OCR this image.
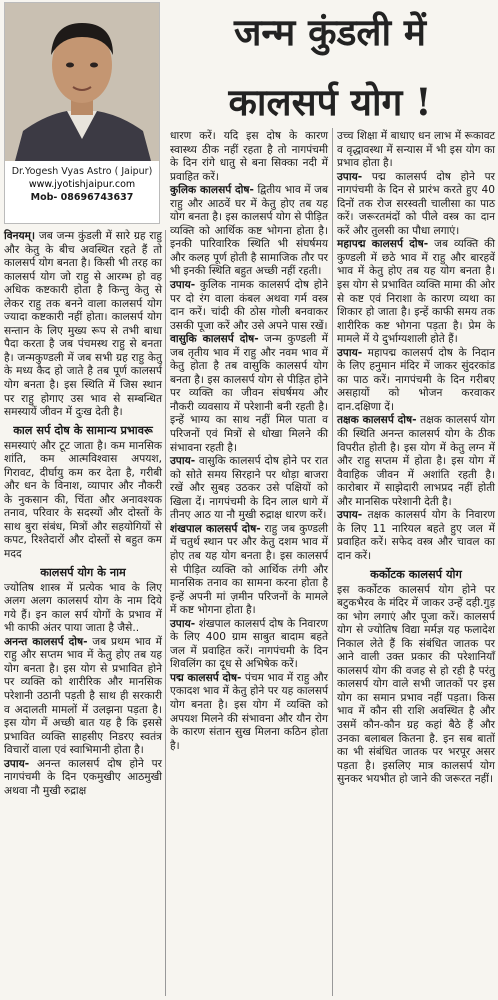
Dr.Yogesh Vyas Astro ( Jaipur)
www.jyotishjaipur.com
Mob- 08696743637
जन्म कुंडली में
कालसर्प योग !

विनयम्। जब जन्म कुंडली में सारे ग्रह राहु और केतु के बीच अवस्थित रहते हैं तो कालसर्प योग बनता है। किसी भी तरह का कालसर्प योग जो राहु से आरम्भ हो वह अधिक कष्टकारी होता है किन्तु केतु से लेकर राहु तक बनने वाला कालसर्प योग ज्यादा कष्टकारी नहीं होता। कालसर्प योग सन्तान के लिए मुख्य रूप से तभी बाधा पैदा करता है जब पंचमस्थ राहु से बनता है। जन्मकुण्डली में जब सभी ग्रह राहु केतु के मध्य कैद हो जाते है तब पूर्ण कालसर्प योग बनता है। इस स्थिति में जिस स्थान पर राहु होगाए उस भाव से सम्बन्धित समस्यायें जीवन में दुःख देती है।

काल सर्प दोष के सामान्य प्रभावरू

समस्याएं और टूट जाता है। कम मानसिक शांति, कम आत्मविश्वास अपयश, गिरावट, दीर्घायु कम कर देता है, गरीबी और धन के विनाश, व्यापार और नौकरी के नुकसान की, चिंता और अनावश्यक तनाव, परिवार के सदस्यों और दोस्तों के साथ बुरा संबंध, मित्रों और सहयोगियों से कपट, रिश्तेदारों और दोस्तों से बहुत कम मदद

कालसर्प योग के नाम

ज्योतिष शास्त्र में प्रत्येक भाव के लिए अलग अलग कालसर्प योग के नाम दिये गये हैं। इन काल सर्प योगों के प्रभाव में भी काफी अंतर पाया जाता है जैसे..

अनन्त कालसर्प दोष- जब प्रथम भाव में राहु और सप्तम भाव में केतु होए तब यह योग बनता है। इस योग से प्रभावित होने पर व्यक्ति को शारीरिक और मानसिक परेशानी उठानी पड़ती है साथ ही सरकारी व अदालती मामलों में उलझना पड़ता है। इस योग में अच्छी बात यह है कि इससे प्रभावित व्यक्ति साहसीए निडरए स्वतंत्र विचारों वाला एवं स्वाभिमानी होता है।

उपाय- अनन्त कालसर्प दोष होने पर नागपंचमी के दिन एकमुखीए आठमुखी अथवा नौ मुखी रुद्राक्ष

धारण करें। यदि इस दोष के कारण स्वास्थ्य ठीक नहीं रहता है तो नागपंचमी के दिन रांगे धातु से बना सिक्का नदी में प्रवाहित करें।

कुलिक कालसर्प दोष- द्वितीय भाव में जब राहु और आठवें घर में केतु होए तब यह योग बनता है। इस कालसर्प योग से पीड़ित व्यक्ति को आर्थिक कष्ट भोगना होता है। इनकी पारिवारिक स्थिति भी संघर्षमय और कलह पूर्ण होती है सामाजिक तौर पर भी इनकी स्थिति बहुत अच्छी नहीं रहती।

उपाय- कुलिक नामक कालसर्प दोष होने पर दो रंग वाला कंबल अथवा गर्म वस्त्र दान करें। चांदी की ठोस गोली बनवाकर उसकी पूजा करें और उसे अपने पास रखें।

वासुकि कालसर्प दोष- जन्म कुण्डली में जब तृतीय भाव में राहु और नवम भाव में केतु होता है तब वासुकि कालसर्प योग बनता है। इस कालसर्प योग से पीड़ित होने पर व्यक्ति का जीवन संघर्षमय और नौकरी व्यवसाय में परेशानी बनी रहती है। इन्हें भाग्य का साथ नहीं मिल पाता व परिजनों एवं मित्रों से धोखा मिलने की संभावना रहती है।

उपाय- वासुकि कालसर्प दोष होने पर रात को सोते समय सिरहाने पर थोड़ा बाजरा रखें और सुबह उठकर उसे पक्षियों को खिला दें। नागपंचमी के दिन लाल धागे में तीनए आठ या नौ मुखी रुद्राक्ष धारण करें।

शंखपाल कालसर्प दोष- राहु जब कुण्डली में चतुर्थ स्थान पर और केतु दशम भाव में होए तब यह योग बनता है। इस कालसर्प से पीड़ित व्यक्ति को आर्थिक तंगी और मानसिक तनाव का सामना करना होता है इन्हें अपनी मां ज़मीन परिजनों के मामले में कष्ट भोगना होता है।

उपाय- शंखपाल कालसर्प दोष के निवारण के लिए 400 ग्राम साबुत बादाम बहते जल में प्रवाहित करें। नागपंचमी के दिन शिवलिंग का दूध से अभिषेक करें।

पद्म कालसर्प दोष- पंचम भाव में राहु और एकादश भाव में केतु होने पर यह कालसर्प योग बनता है। इस योग में व्यक्ति को अपयश मिलने की संभावना और यौन रोग के कारण संतान सुख मिलना कठिन होता है।

उच्च शिक्षा में बाधाए धन लाभ में रूकावट व वृद्धावस्था में सन्यास में भी इस योग का प्रभाव होता है।

उपाय- पद्म कालसर्प दोष होने पर नागपंचमी के दिन से प्रारंभ करते हुए 40 दिनों तक रोज सरस्वती चालीसा का पाठ करें। जरूरतमंदों को पीले वस्त्र का दान करें और तुलसी का पौधा लगाएं।

महापद्म कालसर्प दोष- जब व्यक्ति की कुण्डली में छठे भाव में राहु और बारहवें भाव में केतु होए तब यह योग बनता है। इस योग से प्रभावित व्यक्ति मामा की ओर से कष्ट एवं निराशा के कारण व्यथा का शिकार हो जाता है। इन्हें काफी समय तक शारीरिक कष्ट भोगना पड़ता है। प्रेम के मामले में ये दुर्भाग्यशाली होते हैं।

उपाय- महापद्म कालसर्प दोष के निदान के लिए हनुमान मंदिर में जाकर सुंदरकांड का पाठ करें। नागपंचमी के दिन गरीबए असहायों को भोजन करवाकर दान.दक्षिणा दें।

तक्षक कालसर्प दोष- तक्षक कालसर्प योग की स्थिति अनन्त कालसर्प योग के ठीक विपरीत होती है। इस योग में केतु लग्न में और राहु सप्तम में होता है। इस योग में वैवाहिक जीवन में अशांति रहती है। कारोबार में साझेदारी लाभप्रद नहीं होती और मानसिक परेशानी देती है।

उपाय- तक्षक कालसर्प योग के निवारण के लिए 11 नारियल बहते हुए जल में प्रवाहित करें। सफेद वस्त्र और चावल का दान करें।

कर्कोटक कालसर्प योग

इस कर्कोटक कालसर्प योग होने पर बटुकभैरव के मंदिर में जाकर उन्हें दही.गुड़ का भोग लगाएं और पूजा करें। कालसर्प योग से ज्योतिष विद्या मर्मज्ञ यह फलादेश निकाल लेते हैं कि संबंधित जातक पर आने वाली उक्त प्रकार की परेशानियाँ कालसर्प योग की वजह से हो रही है परंतु कालसर्प योग वाले सभी जातकों पर इस योग का समान प्रभाव नहीं पड़ता। किस भाव में कौन सी राशि अवस्थित है और उसमें कौन-कौन ग्रह कहां बैठे हैं और उनका बलाबल कितना है. इन सब बातों का भी संबंधित जातक पर भरपूर असर पड़ता है। इसलिए मात्र कालसर्प योग सुनकर भयभीत हो जाने की जरूरत नहीं।
